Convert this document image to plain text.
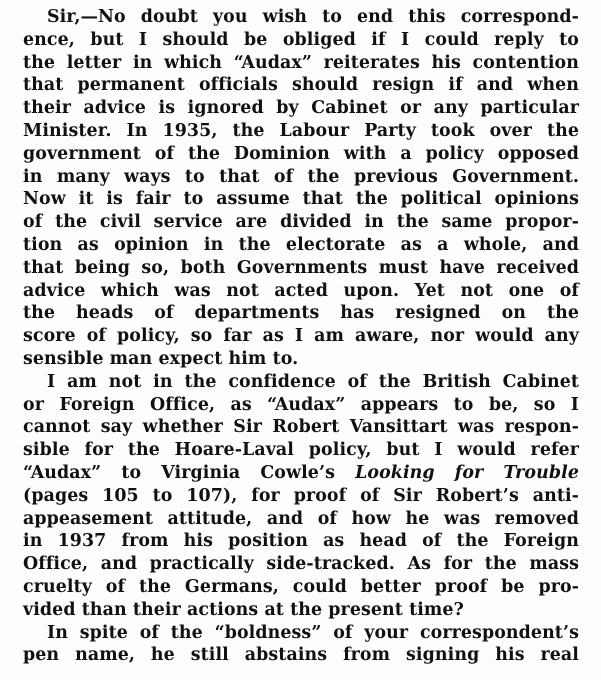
Sir,—No doubt you wish to end this correspond-
ence, but I should be obliged if I could reply to
the letter in which “Audax” reiterates his contention
that permanent officials should resign if and when
their advice is ignored by Cabinet or any particular
Minister. In 1935, the Labour Party took over the
government of the Dominion with a policy opposed
in many ways to that of the previous Government.
Now it is fair to assume that the political opinions
of the civil service are divided in the same propor-
tion as opinion in the electorate as a whole, and
that being so, both Governments must have received
advice which was not acted upon. Yet not one of
the heads of departments has resigned on the
score of policy, so far as I am aware, nor would any
sensible man expect him to.
I am not in the confidence of the British Cabinet
or Foreign Office, as “Audax” appears to be, so I
cannot say whether Sir Robert Vansittart was respon-
sible for the Hoare-Laval policy, but I would refer
“Audax” to Virginia Cowle’s Looking for Trouble
(pages 105 to 107), for proof of Sir Robert’s anti-
appeasement attitude, and of how he was removed
in 1937 from his position as head of the Foreign
Office, and practically side-tracked. As for the mass
cruelty of the Germans, could better proof be pro-
vided than their actions at the present time?
In spite of the “boldness” of your correspondent’s
pen name, he still abstains from signing his real
